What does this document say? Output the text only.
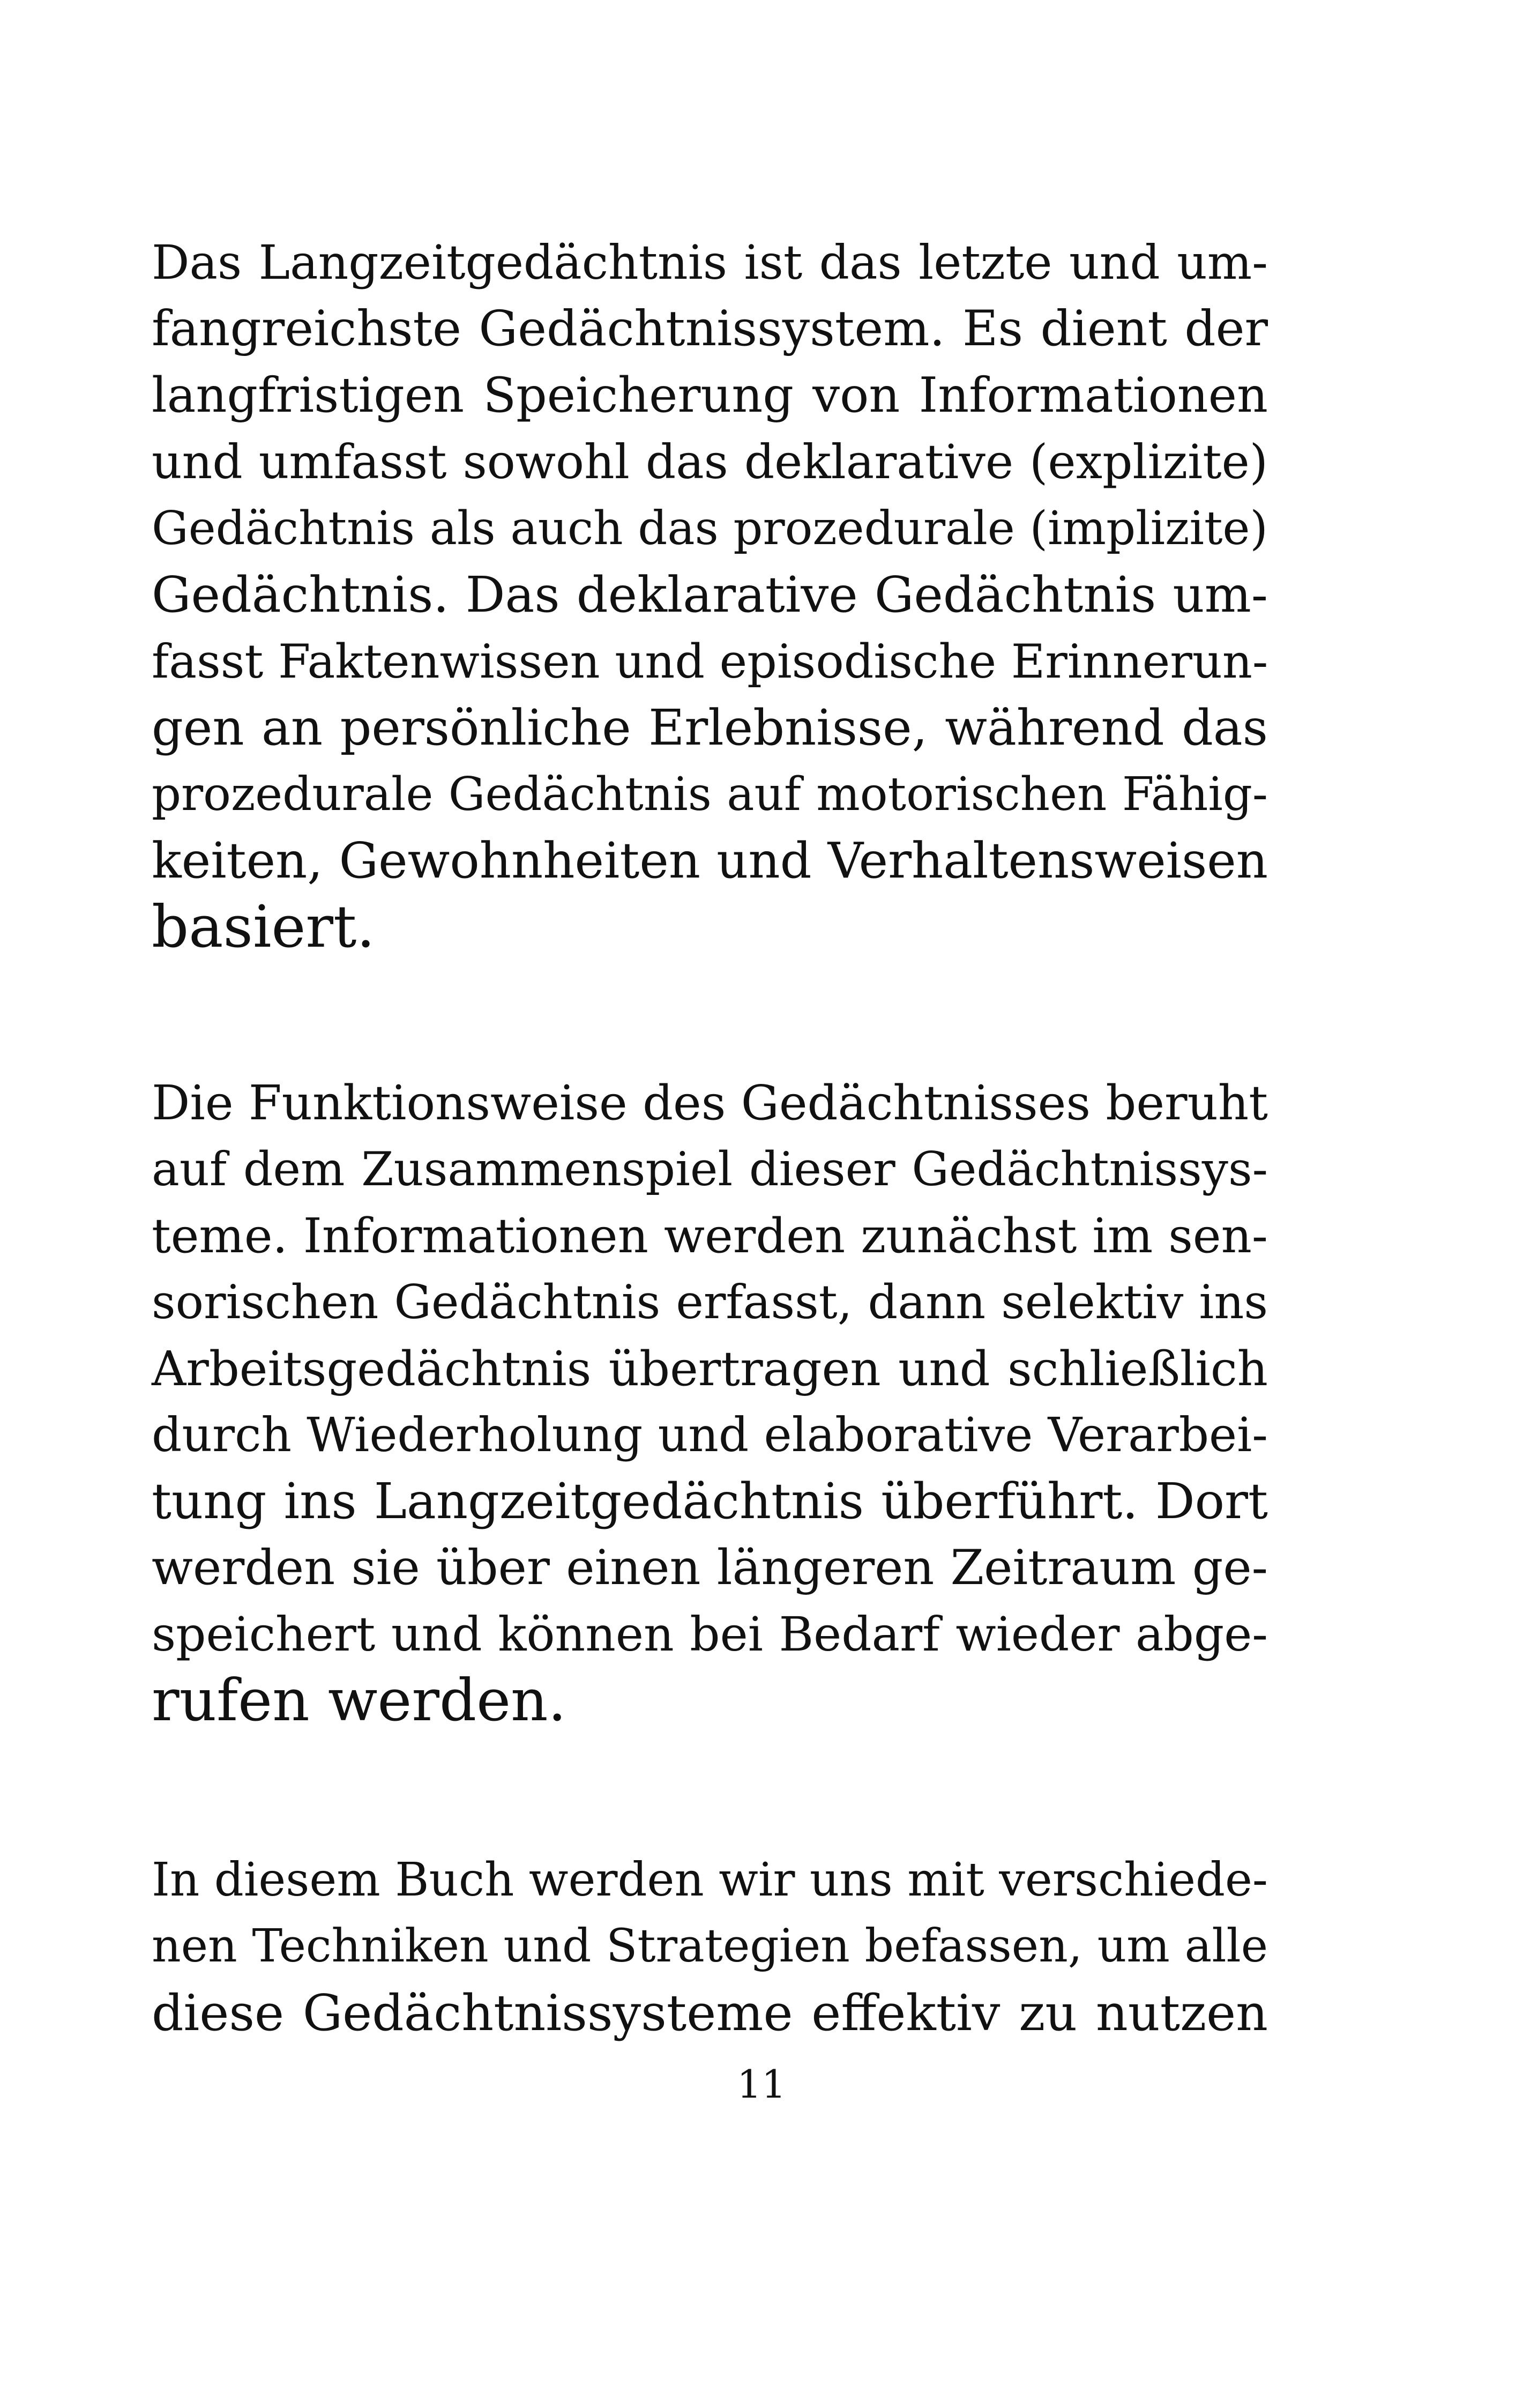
Das Langzeitgedächtnis ist das letzte und um-
fangreichste Gedächtnissystem. Es dient der
langfristigen Speicherung von Informationen
und umfasst sowohl das deklarative (explizite)
Gedächtnis als auch das prozedurale (implizite)
Gedächtnis. Das deklarative Gedächtnis um-
fasst Faktenwissen und episodische Erinnerun-
gen an persönliche Erlebnisse, während das
prozedurale Gedächtnis auf motorischen Fähig-
keiten, Gewohnheiten und Verhaltensweisen
basiert.
Die Funktionsweise des Gedächtnisses beruht
auf dem Zusammenspiel dieser Gedächtnissys-
teme. Informationen werden zunächst im sen-
sorischen Gedächtnis erfasst, dann selektiv ins
Arbeitsgedächtnis übertragen und schließlich
durch Wiederholung und elaborative Verarbei-
tung ins Langzeitgedächtnis überführt. Dort
werden sie über einen längeren Zeitraum ge-
speichert und können bei Bedarf wieder abge-
rufen werden.
In diesem Buch werden wir uns mit verschiede-
nen Techniken und Strategien befassen, um alle
diese Gedächtnissysteme effektiv zu nutzen
11
